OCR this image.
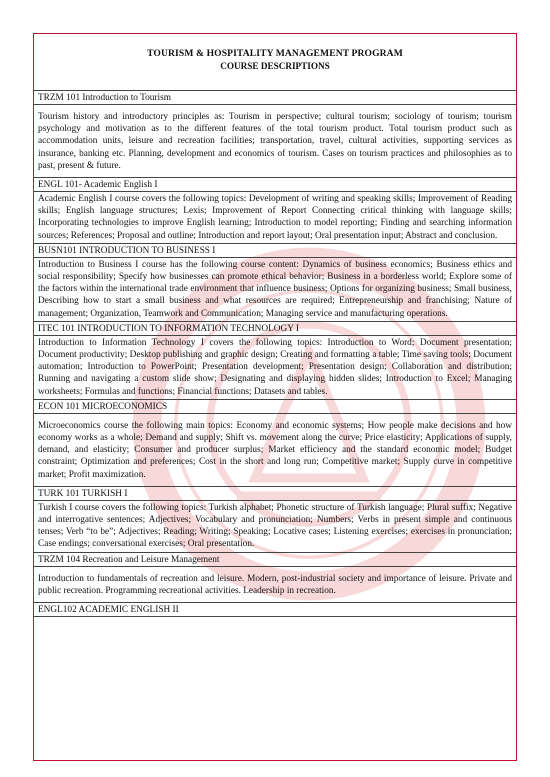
TOURISM & HOSPITALITY MANAGEMENT PROGRAM
COURSE DESCRIPTIONS
TRZM 101 Introduction to Tourism
Tourism history and introductory principles as: Tourism in perspective; cultural tourism; sociology of tourism; tourism psychology and motivation as to the different features of the total tourism product. Total tourism product such as accommodation units, leisure and recreation facilities; transportation, travel, cultural activities, supporting services as insurance, banking etc. Planning, development and economics of tourism. Cases on tourism practices and philosophies as to past, present & future.
ENGL 101- Academic English I
Academic English I course covers the following topics: Development of writing and speaking skills; Improvement of Reading skills; English language structures; Lexis; Improvement of Report Connecting critical thinking with language skills; Incorporating technologies to improve English learning; Introduction to model reporting; Finding and searching information sources; References; Proposal and outline; Introduction and report layout; Oral presentation input; Abstract and conclusion.
BUSN101 INTRODUCTION TO BUSINESS I
Introduction to Business I course has the following course content: Dynamics of business economics; Business ethics and social responsibility; Specify how businesses can promote ethical behavior; Business in a borderless world; Explore some of the factors within the international trade environment that influence business; Options for organizing business; Small business, Describing how to start a small business and what resources are required; Entrepreneurship and franchising; Nature of management; Organization, Teamwork and Communication; Managing service and manufacturing operations.
ITEC 101 INTRODUCTION TO INFORMATION TECHNOLOGY I
Introduction to Information Technology I covers the following topics: Introduction to Word; Document presentation; Document productivity; Desktop publishing and graphic design; Creating and formatting a table; Time saving tools; Document automation; Introduction to PowerPoint; Presentation development; Presentation design; Collaboration and distribution; Running and navigating a custom slide show; Designating and displaying hidden slides; Introduction to Excel; Managing worksheets; Formulas and functions; Financial functions; Datasets and tables.
ECON 101 MICROECONOMICS
Microeconomics course the following main topics: Economy and economic systems; How people make decisions and how economy works as a whole; Demand and supply; Shift vs. movement along the curve; Price elasticity; Applications of supply, demand, and elasticity; Consumer and producer surplus; Market efficiency and the standard economic model; Budget constraint; Optimization and preferences; Cost in the short and long run; Competitive market; Supply curve in competitive market; Profit maximization.
TURK 101 TURKISH I
Turkish I course covers the following topics: Turkish alphabet; Phonetic structure of Turkish language; Plural suffix; Negative and interrogative sentences; Adjectives; Vocabulary and pronunciation; Numbers; Verbs in present simple and continuous tenses; Verb “to be”; Adjectives; Reading; Writing; Speaking; Locative cases; Listening exercises; exercises in pronunciation; Case endings; conversational exercises; Oral presentation.
TRZM 104 Recreation and Leisure Management
Introduction to fundamentals of recreation and leisure. Modern, post-industrial society and importance of leisure. Private and public recreation. Programming recreational activities. Leadership in recreation.
ENGL102 ACADEMIC ENGLISH II
